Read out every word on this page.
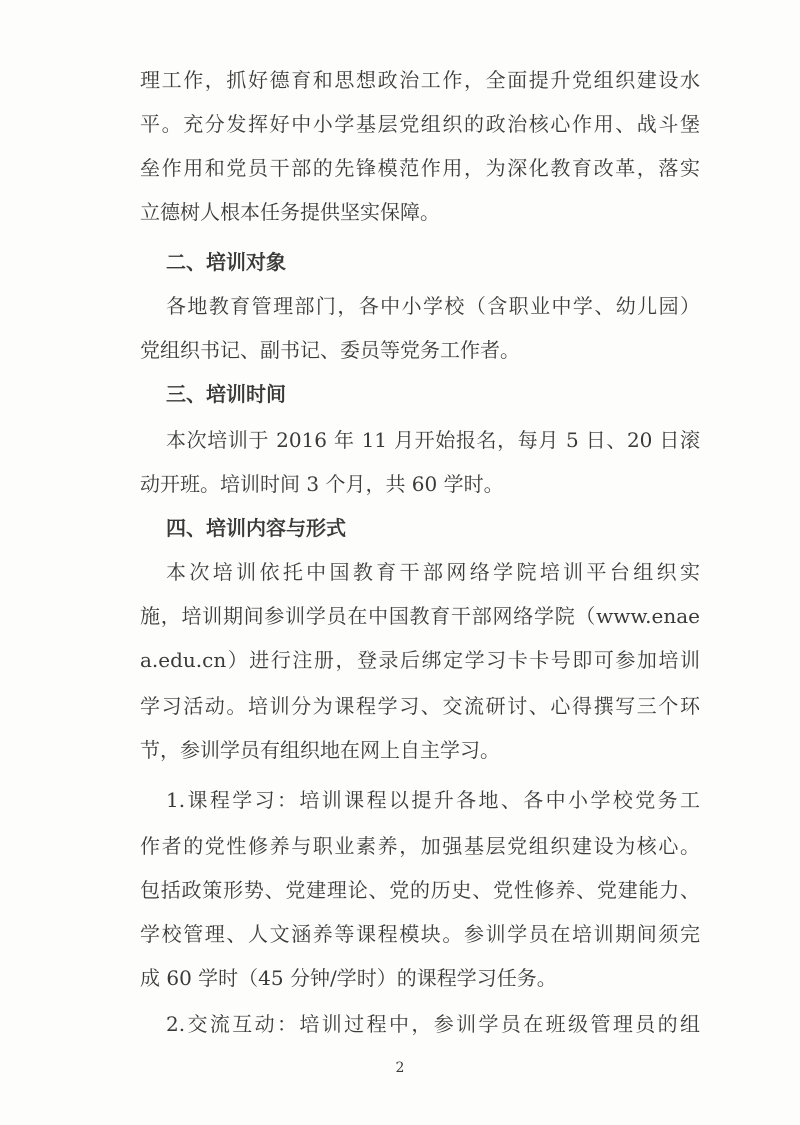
理工作，抓好德育和思想政治工作，全面提升党组织建设水
平。充分发挥好中小学基层党组织的政治核心作用、战斗堡
垒作用和党员干部的先锋模范作用，为深化教育改革，落实
立德树人根本任务提供坚实保障。
二、培训对象
各地教育管理部门，各中小学校（含职业中学、幼儿园）
党组织书记、副书记、委员等党务工作者。
三、培训时间
本次培训于 2016 年 11 月开始报名，每月 5 日、20 日滚
动开班。培训时间 3 个月，共 60 学时。
四、培训内容与形式
本次培训依托中国教育干部网络学院培训平台组织实
施，培训期间参训学员在中国教育干部网络学院（www.enae
a.edu.cn）进行注册，登录后绑定学习卡卡号即可参加培训
学习活动。培训分为课程学习、交流研讨、心得撰写三个环
节，参训学员有组织地在网上自主学习。
1.课程学习：培训课程以提升各地、各中小学校党务工
作者的党性修养与职业素养，加强基层党组织建设为核心。
包括政策形势、党建理论、党的历史、党性修养、党建能力、
学校管理、人文涵养等课程模块。参训学员在培训期间须完
成 60 学时（45 分钟/学时）的课程学习任务。
2.交流互动：培训过程中，参训学员在班级管理员的组
2
